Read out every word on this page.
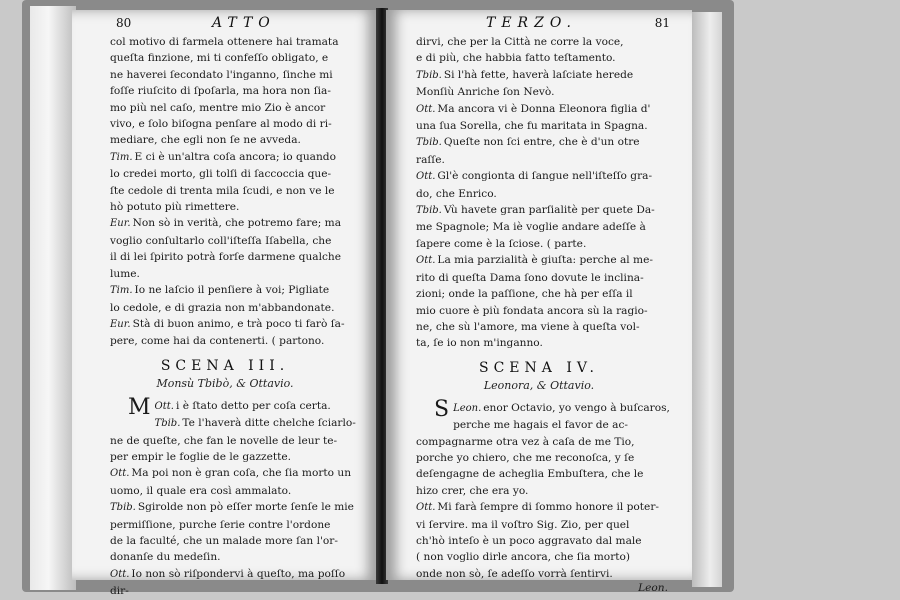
80	ATTO
col motivo di farmela ottenere hai tramata
queſta finzione, mi ti confeſſo obligato, e
ne haverei ſecondato l'inganno, ſinche mi
foſſe riuſcito di ſpoſarla, ma hora non ſia-
mo più nel caſo, mentre mio Zio è ancor
vivo, e ſolo biſogna penſare al modo di ri-
mediare, che egli non ſe ne avveda.
Tim. E ci è un'altra coſa ancora; io quando
lo credei morto, gli tolſi di ſaccoccia que-
ſte cedole di trenta mila ſcudi, e non ve le
hò potuto più rimettere.
Eur. Non sò in verità, che potremo fare; ma
voglio conſultarlo coll'iſteſſa Iſabella, che
il di lei ſpirito potrà forſe darmene qualche
lume.
Tim. Io ne laſcio il penſiere à voi; Pigliate
lo cedole, e di grazia non m'abbandonate.
Eur. Stà di buon animo, e trà poco ti farò ſa-
pere, come hai da contenerti. ( partono.
SCENA III.
Monsù Tbibò, & Ottavio.
Ott.
M i è ſtato detto per coſa certa.
Tbib. Te l'haverà ditte chelche ſciarlo-
ne de queſte, che fan le novelle de leur te-
per empir le foglie de le gazzette.
Ott. Ma poi non è gran coſa, che ſia morto un
uomo, il quale era così ammalato.
Tbib. Sgirolde non pò eſſer morte ſenſe le mie
permiſſione, purche ſerie contre l'ordone
de la faculté, che un malade more ſan l'or-
donanſe du medeſin.
Ott. Io non sò riſpondervi à queſto, ma poſſo
dir-
TERZO.	81
dirvi, che per la Città ne corre la voce,
e di più, che habbia fatto teſtamento.
Tbib. Si l'hà fette, haverà laſciate herede
Monſiù Anriche ſon Nevò.
Ott. Ma ancora vi è Donna Eleonora figlia d'
una ſua Sorella, che fu maritata in Spagna.
Tbib. Queſte non ſci entre, che è d'un otre
raſſe.
Ott. Gl'è congionta di ſangue nell'iſteſſo gra-
do, che Enrico.
Tbib. Vù havete gran parſialitè per quete Da-
me Spagnole; Ma iè voglie andare adeſſe à
ſapere come è la ſciose. ( parte.
Ott. La mia parzialità è giuſta: perche al me-
rito di queſta Dama ſono dovute le inclina-
zioni; onde la paſſione, che hà per eſſa il
mio cuore è più fondata ancora sù la ragio-
ne, che sù l'amore, ma viene à queſta vol-
ta, ſe io non m'inganno.
SCENA IV.
Leonora, & Ottavio.
Leon.
S	enor Octavio, yo vengo à buſcaros,
perche me hagais el favor de ac-
compagnarme otra vez à caſa de me Tio,
porche yo chiero, che me reconoſca, y ſe
deſengagne de acheglia Embuſtera, che le
hizo crer, che era yo.
Ott. Mi farà ſempre di ſommo honore il poter-
vi ſervire. ma il voſtro Sig. Zio, per quel
ch'hò inteſo è un poco aggravato dal male
( non voglio dirle ancora, che ſia morto)
onde non sò, ſe adeſſo vorrà ſentirvi.
Leon.
